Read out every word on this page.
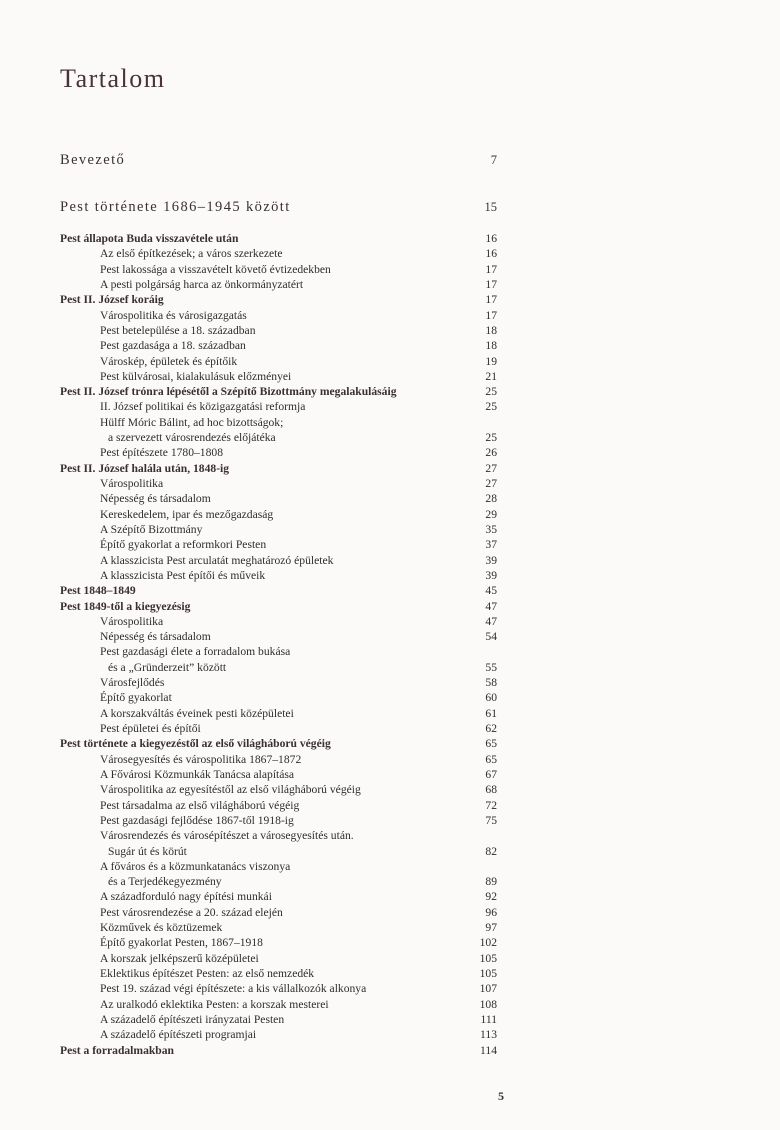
Tartalom
Bevezető	7
Pest története 1686–1945 között	15
Pest állapota Buda visszavétele után	16
Az első építkezések; a város szerkezete	16
Pest lakossága a visszavételt követő évtizedekben	17
A pesti polgárság harca az önkormányzatért	17
Pest II. József koráig	17
Várospolitika és városigazgatás	17
Pest betelepülése a 18. században	18
Pest gazdasága a 18. században	18
Városkép, épületek és építőik	19
Pest külvárosai, kialakulásuk előzményei	21
Pest II. József trónra lépésétől a Szépítő Bizottmány megalakulásáig	25
II. József politikai és közigazgatási reformja	25
Hülff Móric Bálint, ad hoc bizottságok;
a szervezett városrendezés előjátéka	25
Pest építészete 1780–1808	26
Pest II. József halála után, 1848-ig	27
Várospolitika	27
Népesség és társadalom	28
Kereskedelem, ipar és mezőgazdaság	29
A Szépítő Bizottmány	35
Építő gyakorlat a reformkori Pesten	37
A klasszicista Pest arculatát meghatározó épületek	39
A klasszicista Pest építői és műveik	39
Pest 1848–1849	45
Pest 1849-től a kiegyezésig	47
Várospolitika	47
Népesség és társadalom	54
Pest gazdasági élete a forradalom bukása
és a „Gründerzeit” között	55
Városfejlődés	58
Építő gyakorlat	60
A korszakváltás éveinek pesti középületei	61
Pest épületei és építői	62
Pest története a kiegyezéstől az első világháború végéig	65
Városegyesítés és várospolitika 1867–1872	65
A Fővárosi Közmunkák Tanácsa alapítása	67
Várospolitika az egyesítéstől az első világháború végéig	68
Pest társadalma az első világháború végéig	72
Pest gazdasági fejlődése 1867-től 1918-ig	75
Városrendezés és városépítészet a városegyesítés után.
Sugár út és körút	82
A főváros és a közmunkatanács viszonya
és a Terjedékegyezmény	89
A századforduló nagy építési munkái	92
Pest városrendezése a 20. század elején	96
Közművek és köztüzemek	97
Építő gyakorlat Pesten, 1867–1918	102
A korszak jelképszerű középületei	105
Eklektikus építészet Pesten: az első nemzedék	105
Pest 19. század végi építészete: a kis vállalkozók alkonya	107
Az uralkodó eklektika Pesten: a korszak mesterei	108
A századelő építészeti irányzatai Pesten	111
A századelő építészeti programjai	113
Pest a forradalmakban	114
5
